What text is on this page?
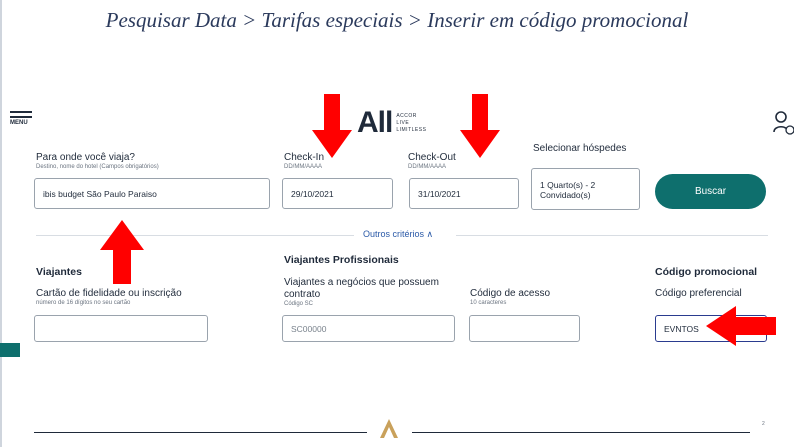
Pesquisar Data > Tarifas especiais > Inserir em código promocional
MENU	All ACCOR
LIVE
LIMITLESS
Para onde você viaja?
Destino, nome do hotel (Campos obrigatórios)
ibis budget São Paulo Paraiso
Check-In
DD/MM/AAAA
29/10/2021
Check-Out
DD/MM/AAAA
31/10/2021
Selecionar hóspedes
1 Quarto(s) - 2
Convidado(s)	Buscar
Outros critérios ∧
Viajantes
Cartão de fidelidade ou inscrição
número de 16 dígitos no seu cartão
Viajantes Profissionais
Viajantes a negócios que possuem
contrato
Código SC
SC00000
Código de acesso
10 caracteres
Código promocional
Código preferencial
EVNTOS
2
